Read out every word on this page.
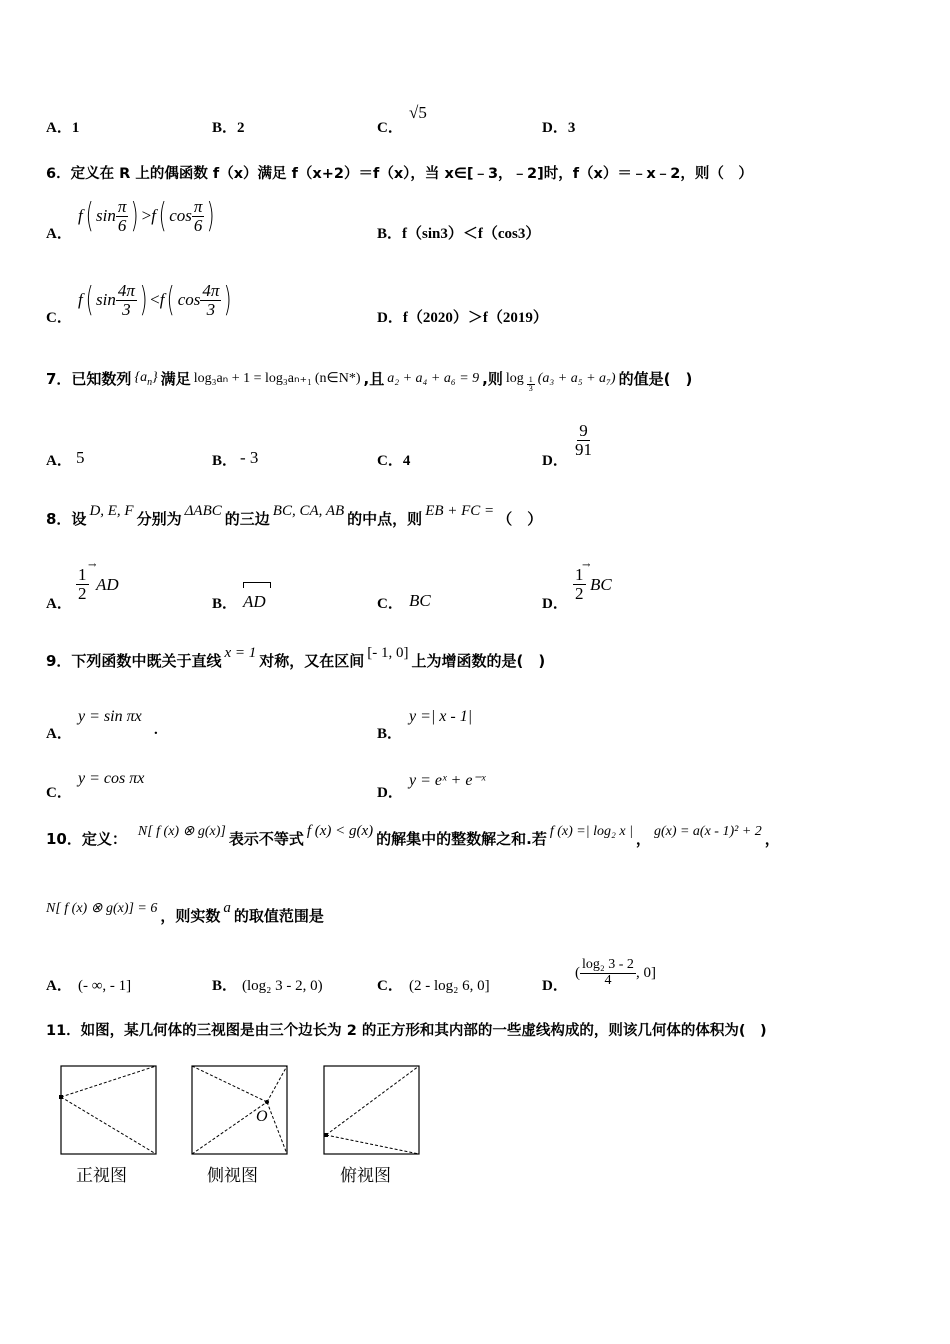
A．1	B．2	C．
√5
D．3
6．定义在 R 上的偶函数 f（x）满足 f（x+2）＝f（x），当 x∈[﹣3，﹣2]时，f（x）＝﹣x﹣2，则（　）
A．
f ( $\sin \frac{\pi}{6}$ ) > f ( $\cos \frac{\pi}{6}$ )	B．f（sin3）＜f（cos3）
C．
f ( $\sin \frac{4\pi}{3}$ ) < f ( $\cos \frac{4\pi}{3}$ )	D．f（2020）＞f（2019）
7．已知数列 $\{a_n\}$ 满足 log₃aₙ + 1 = log₃aₙ₊₁ (n∈N*) ,且 a₂ + a₄ + a₆ = 9 ,则 $\log \frac{1}{3} (a_3 + a_5 + a_7)$ 的值是(　)
A． 5	B． - 3	C．4	D．
$\frac{9}{91}$
8．设 D, E, F 分别为 ΔABC 的三边 BC, CA, AB 的中点，则 EB + FC = （　）
A．
$\frac{1}{2}$ AD
→
B． AD	C． BC	D．
$\frac{1}{2}$ BC
→
9．下列函数中既关于直线 x = 1 对称，又在区间 [- 1, 0] 上为增函数的是(　)
A．
y = sin πx
.	B．
y =| x - 1|
C．
y = cos πx
D．
y = eˣ + e⁻ˣ
10．定义： N[ f (x) ⊗ g(x)] 表示不等式 f (x) < g(x) 的解集中的整数解之和.若 f (x) =| log₂ x | ， g(x) = a(x - 1)² + 2 ，
N[ f (x) ⊗ g(x)] = 6 ，则实数 a 的取值范围是
A． (- ∞, - 1]	B． (log₂ 3 - 2, 0)	C． (2 - log₂ 6, 0]	D．
( $\frac{\text{log₂ 3 - 2}}{4}$ , 0]
11．如图，某几何体的三视图是由三个边长为 2 的正方形和其内部的一些虚线构成的，则该几何体的体积为(　)
O
正视图	侧视图	俯视图
